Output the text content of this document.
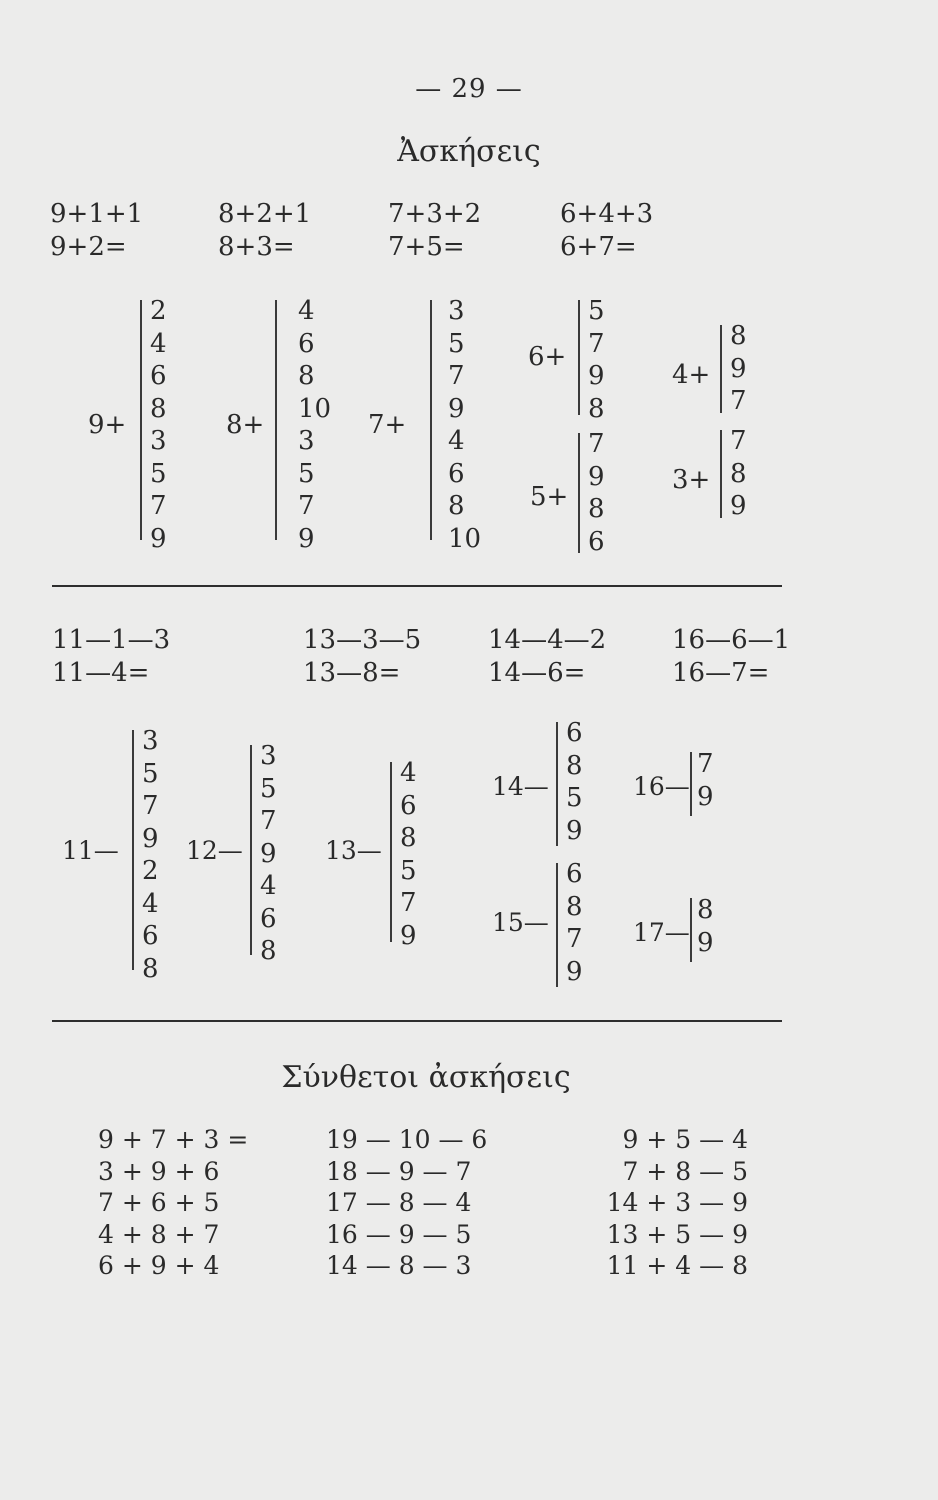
— 29 —
Ἀσκήσεις
9+1+1
9+2=
8+2+1
8+3=
7+3+2
7+5=
6+4+3
6+7=
9+
2
4
6
8
3
5
7
9
8+
4
6
8
10
3
5
7
9
7+
3
5
7
9
4
6
8
10
6+
5
7
9
8
5+
7
9
8
6
4+
8
9
7
3+
7
8
9
11—1—3
11—4=
13—3—5
13—8=
14—4—2
14—6=
16—6—1
16—7=
11—
3
5
7
9
2
4
6
8
12—
3
5
7
9
4
6
8
13—
4
6
8
5
7
9
14—
6
8
5
9
15—
6
8
7
9
16—
7
9
17—
8
9
Σύνθετοι ἀσκήσεις
9 + 7 + 3 =
3 + 9 + 6
7 + 6 + 5
4 + 8 + 7
6 + 9 + 4
19 — 10 — 6
18 — 9 — 7
17 — 8 — 4
16 — 9 — 5
14 — 8 — 3
9 + 5 — 4
7 + 8 — 5
14 + 3 — 9
13 + 5 — 9
11 + 4 — 8
